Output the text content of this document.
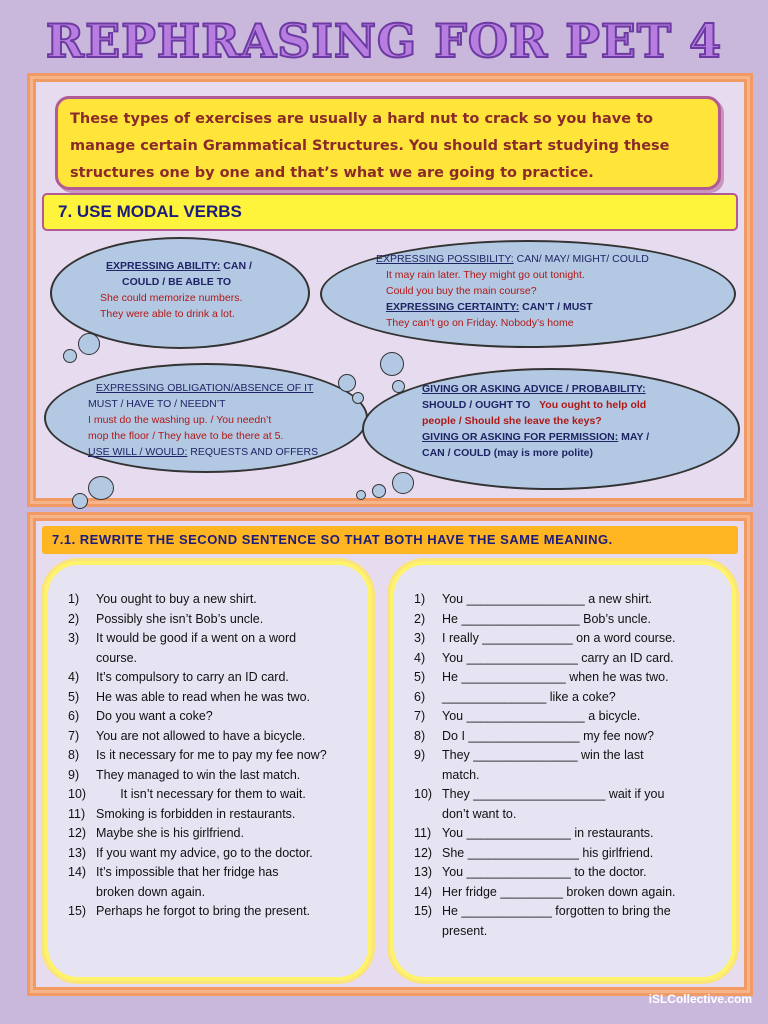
REPHRASING FOR PET 4

These types of exercises are usually a hard nut to crack so you have to
manage certain Grammatical Structures. You should start studying these
structures one by one and that’s what we are going to practice.

7. USE MODAL VERBS
EXPRESSING ABILITY: CAN /
COULD / BE ABLE TO
She could memorize numbers.
They were able to drink a lot.
EXPRESSING POSSIBILITY: CAN/ MAY/ MIGHT/ COULD
It may rain later. They might go out tonight.
Could you buy the main course?
EXPRESSING CERTAINTY: CAN’T / MUST
They can’t go on Friday. Nobody’s home
EXPRESSING OBLIGATION/ABSENCE OF IT
MUST / HAVE TO / NEEDN’T
I must do the washing up. / You needn’t
mop the floor / They have to be there at 5.
USE WILL / WOULD: REQUESTS AND OFFERS
GIVING OR ASKING ADVICE / PROBABILITY:
SHOULD / OUGHT TO You ought to help old
people / Should she leave the keys?
GIVING OR ASKING FOR PERMISSION: MAY /
CAN / COULD (may is more polite)
7.1. REWRITE THE SECOND SENTENCE SO THAT BOTH HAVE THE SAME MEANING.
1)	You ought to buy a new shirt.
2)	Possibly she isn’t Bob’s uncle.
3)	It would be good if a went on a word
course.
4)	It’s compulsory to carry an ID card.
5)	He was able to read when he was two.
6)	Do you want a coke?
7)	You are not allowed to have a bicycle.
8)	Is it necessary for me to pay my fee now?
9)	They managed to win the last match.
10) It isn’t necessary for them to wait.
11) Smoking is forbidden in restaurants.
12) Maybe she is his girlfriend.
13) If you want my advice, go to the doctor.
14) It’s impossible that her fridge has
broken down again.
15) Perhaps he forgot to bring the present.
1)	You _________________ a new shirt.
2)	He _________________ Bob’s uncle.
3)	I really _____________ on a word course.
4)	You ________________ carry an ID card.
5)	He _______________ when he was two.
6)	_______________ like a coke?
7)	You _________________ a bicycle.
8)	Do I ________________ my fee now?
9)	They _______________ win the last
match.
10) They ___________________ wait if you
don’t want to.
11) You _______________ in restaurants.
12) She ________________ his girlfriend.
13) You _______________ to the doctor.
14) Her fridge _________ broken down again.
15) He _____________ forgotten to bring the
present.
iSLCollective.com
